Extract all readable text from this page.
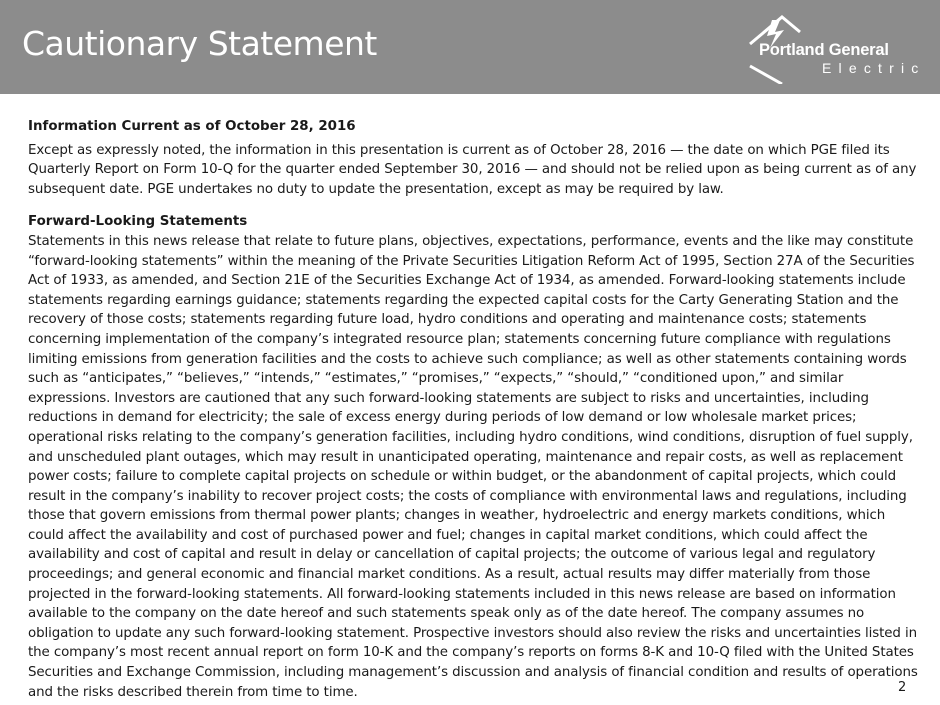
Cautionary Statement	Portland General
Electric

Information Current as of October 28, 2016

Except as expressly noted, the information in this presentation is current as of October 28, 2016 — the date on which PGE filed its Quarterly Report on Form 10-Q for the quarter ended September 30, 2016 — and should not be relied upon as being current as of any subsequent date. PGE undertakes no duty to update the presentation, except as may be required by law.

Forward-Looking Statements

Statements in this news release that relate to future plans, objectives, expectations, performance, events and the like may constitute “forward-looking statements” within the meaning of the Private Securities Litigation Reform Act of 1995, Section 27A of the Securities Act of 1933, as amended, and Section 21E of the Securities Exchange Act of 1934, as amended. Forward-looking statements include statements regarding earnings guidance; statements regarding the expected capital costs for the Carty Generating Station and the recovery of those costs; statements regarding future load, hydro conditions and operating and maintenance costs; statements concerning implementation of the company’s integrated resource plan; statements concerning future compliance with regulations limiting emissions from generation facilities and the costs to achieve such compliance; as well as other statements containing words such as “anticipates,” “believes,” “intends,” “estimates,” “promises,” “expects,” “should,” “conditioned upon,” and similar expressions. Investors are cautioned that any such forward-looking statements are subject to risks and uncertainties, including reductions in demand for electricity; the sale of excess energy during periods of low demand or low wholesale market prices; operational risks relating to the company’s generation facilities, including hydro conditions, wind conditions, disruption of fuel supply, and unscheduled plant outages, which may result in unanticipated operating, maintenance and repair costs, as well as replacement power costs; failure to complete capital projects on schedule or within budget, or the abandonment of capital projects, which could result in the company’s inability to recover project costs; the costs of compliance with environmental laws and regulations, including those that govern emissions from thermal power plants; changes in weather, hydroelectric and energy markets conditions, which could affect the availability and cost of purchased power and fuel; changes in capital market conditions, which could affect the availability and cost of capital and result in delay or cancellation of capital projects; the outcome of various legal and regulatory proceedings; and general economic and financial market conditions. As a result, actual results may differ materially from those projected in the forward-looking statements. All forward-looking statements included in this news release are based on information available to the company on the date hereof and such statements speak only as of the date hereof. The company assumes no obligation to update any such forward-looking statement. Prospective investors should also review the risks and uncertainties listed in the company’s most recent annual report on form 10-K and the company’s reports on forms 8-K and 10-Q filed with the United States Securities and Exchange Commission, including management’s discussion and analysis of financial condition and results of operations and the risks described therein from time to time.	2
